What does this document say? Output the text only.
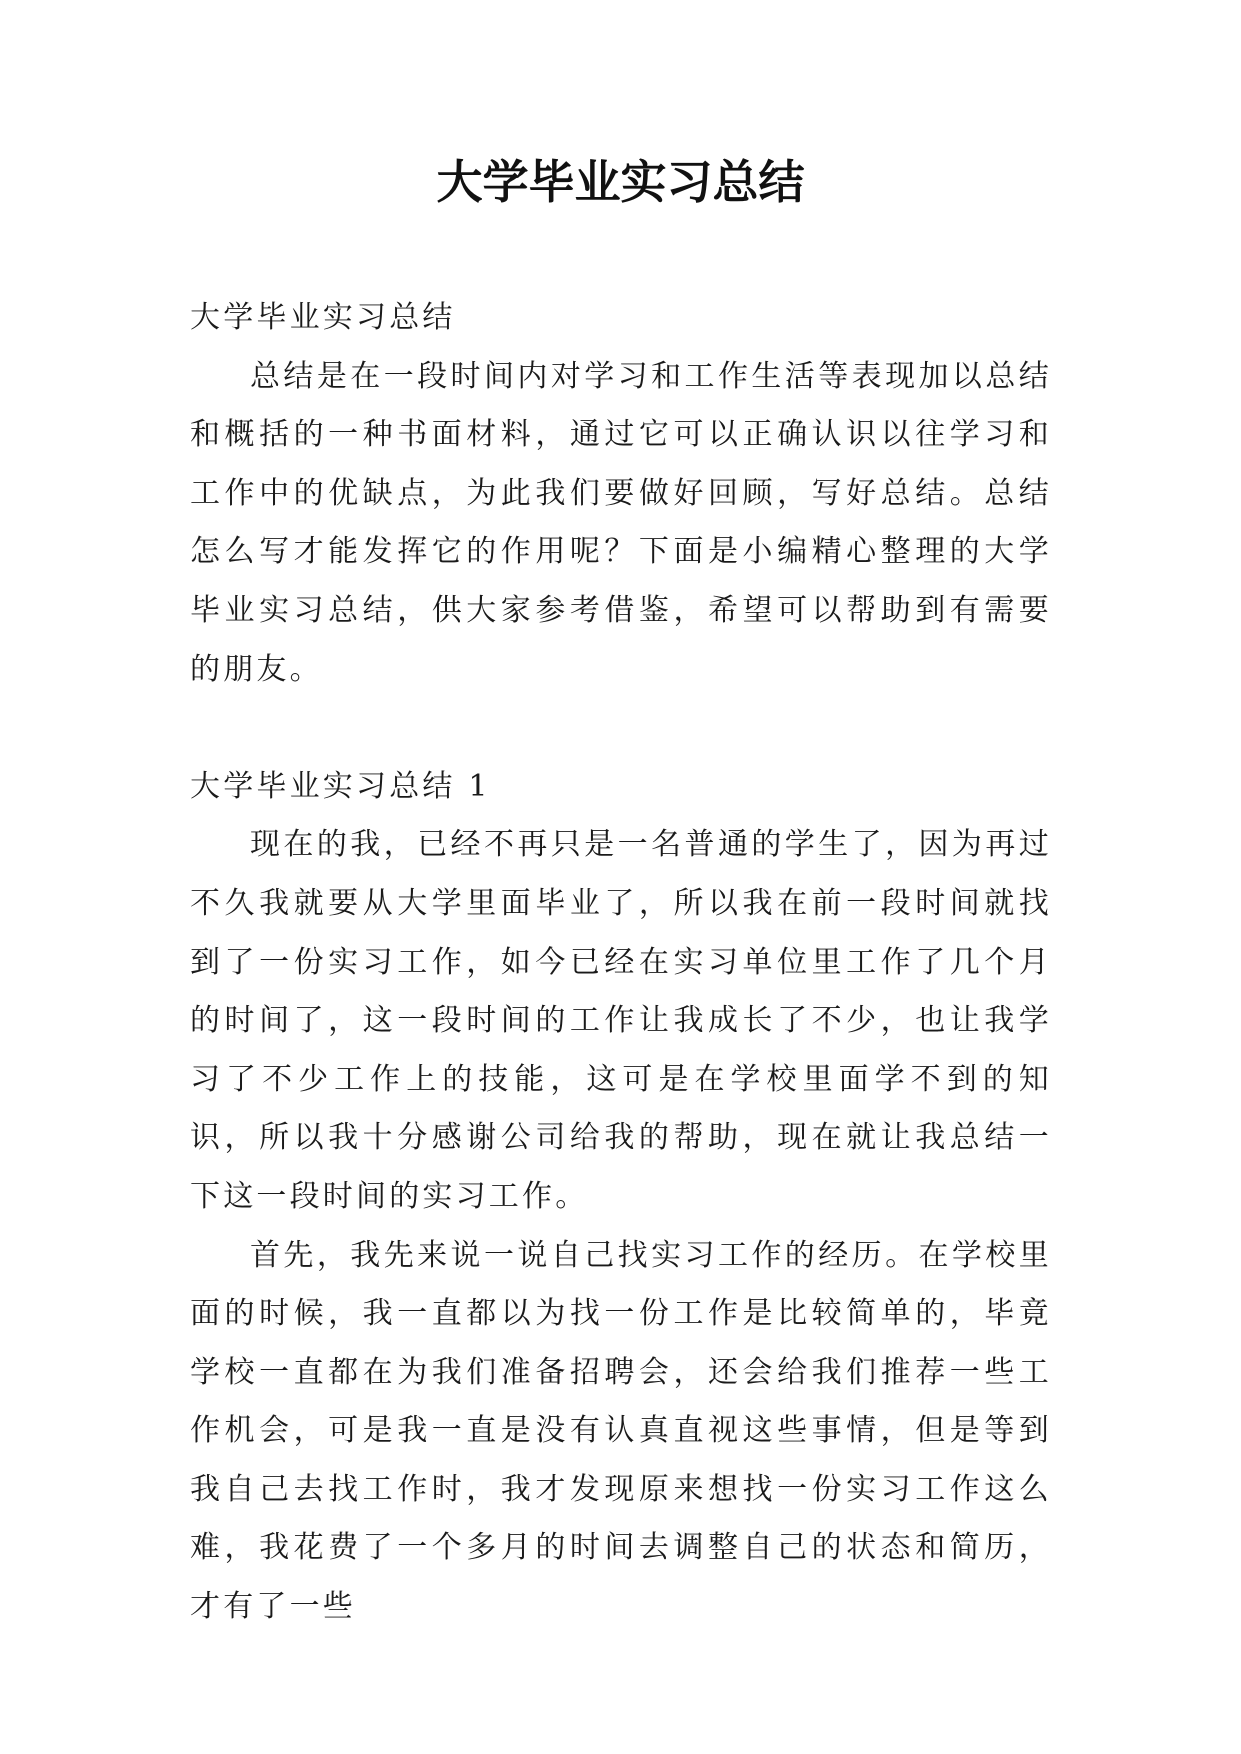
大学毕业实习总结

大学毕业实习总结

总结是在一段时间内对学习和工作生活等表现加以总结和概括的一种书面材料，通过它可以正确认识以往学习和工作中的优缺点，为此我们要做好回顾，写好总结。总结怎么写才能发挥它的作用呢？下面是小编精心整理的大学毕业实习总结，供大家参考借鉴，希望可以帮助到有需要的朋友。

大学毕业实习总结 1

现在的我，已经不再只是一名普通的学生了，因为再过不久我就要从大学里面毕业了，所以我在前一段时间就找到了一份实习工作，如今已经在实习单位里工作了几个月的时间了，这一段时间的工作让我成长了不少，也让我学习了不少工作上的技能，这可是在学校里面学不到的知识，所以我十分感谢公司给我的帮助，现在就让我总结一下这一段时间的实习工作。

首先，我先来说一说自己找实习工作的经历。在学校里面的时候，我一直都以为找一份工作是比较简单的，毕竟学校一直都在为我们准备招聘会，还会给我们推荐一些工作机会，可是我一直是没有认真直视这些事情，但是等到我自己去找工作时，我才发现原来想找一份实习工作这么难，我花费了一个多月的时间去调整自己的状态和简历，才有了一些
